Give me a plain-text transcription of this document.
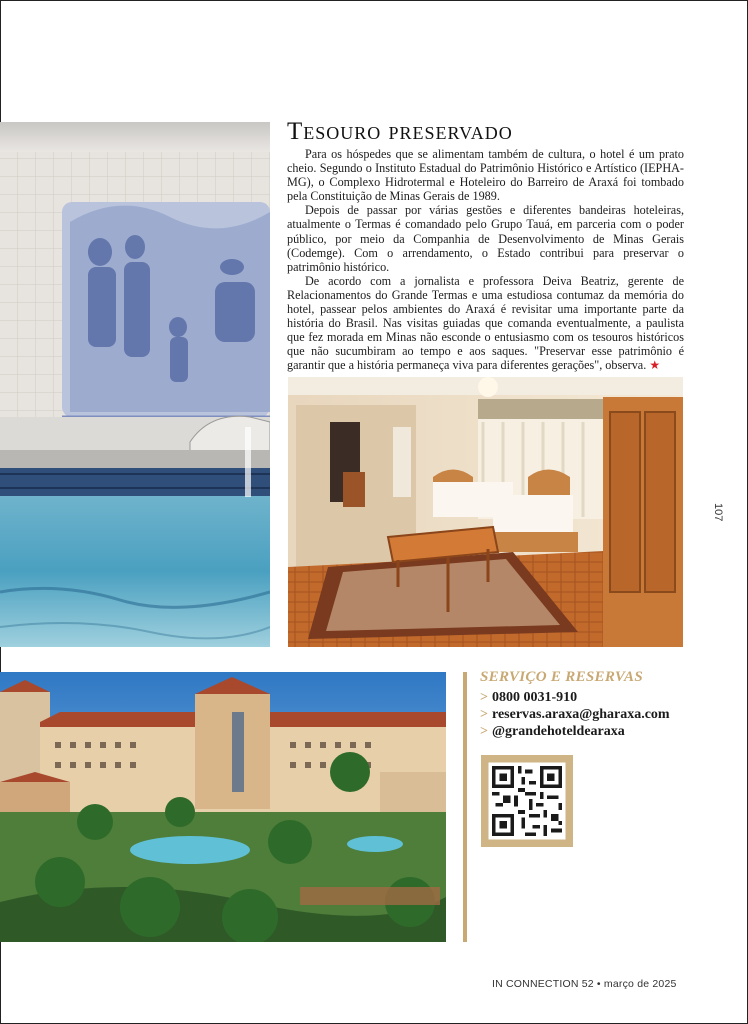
Tesouro preservado

Para os hóspedes que se alimentam também de cultura, o hotel é um prato cheio. Segundo o Instituto Estadual do Patrimônio Histórico e Artístico (IEPHA-MG), o Complexo Hidrotermal e Hoteleiro do Barreiro de Araxá foi tombado pela Constituição de Minas Gerais de 1989.

Depois de passar por várias gestões e diferentes bandeiras hoteleiras, atualmente o Termas é comandado pelo Grupo Tauá, em parceria com o poder público, por meio da Companhia de Desenvolvimento de Minas Gerais (Codemge). Com o arrendamento, o Estado contribui para preservar o patrimônio histórico.

De acordo com a jornalista e professora Deiva Beatriz, gerente de Relacionamentos do Grande Termas e uma estudiosa contumaz da memória do hotel, passear pelos ambientes do Araxá é revisitar uma importante parte da história do Brasil. Nas visitas guiadas que comanda eventualmente, a paulista que fez morada em Minas não esconde o entusiasmo com os tesouros históricos que não sucumbiram ao tempo e aos saques. "Preservar esse patrimônio é garantir que a história permaneça viva para diferentes gerações", observa. ★

107
SERVIÇO E RESERVAS
> 0800 0031-910
> reservas.araxa@gharaxa.com
> @grandehoteldearaxa
IN CONNECTION 52 • março de 2025
